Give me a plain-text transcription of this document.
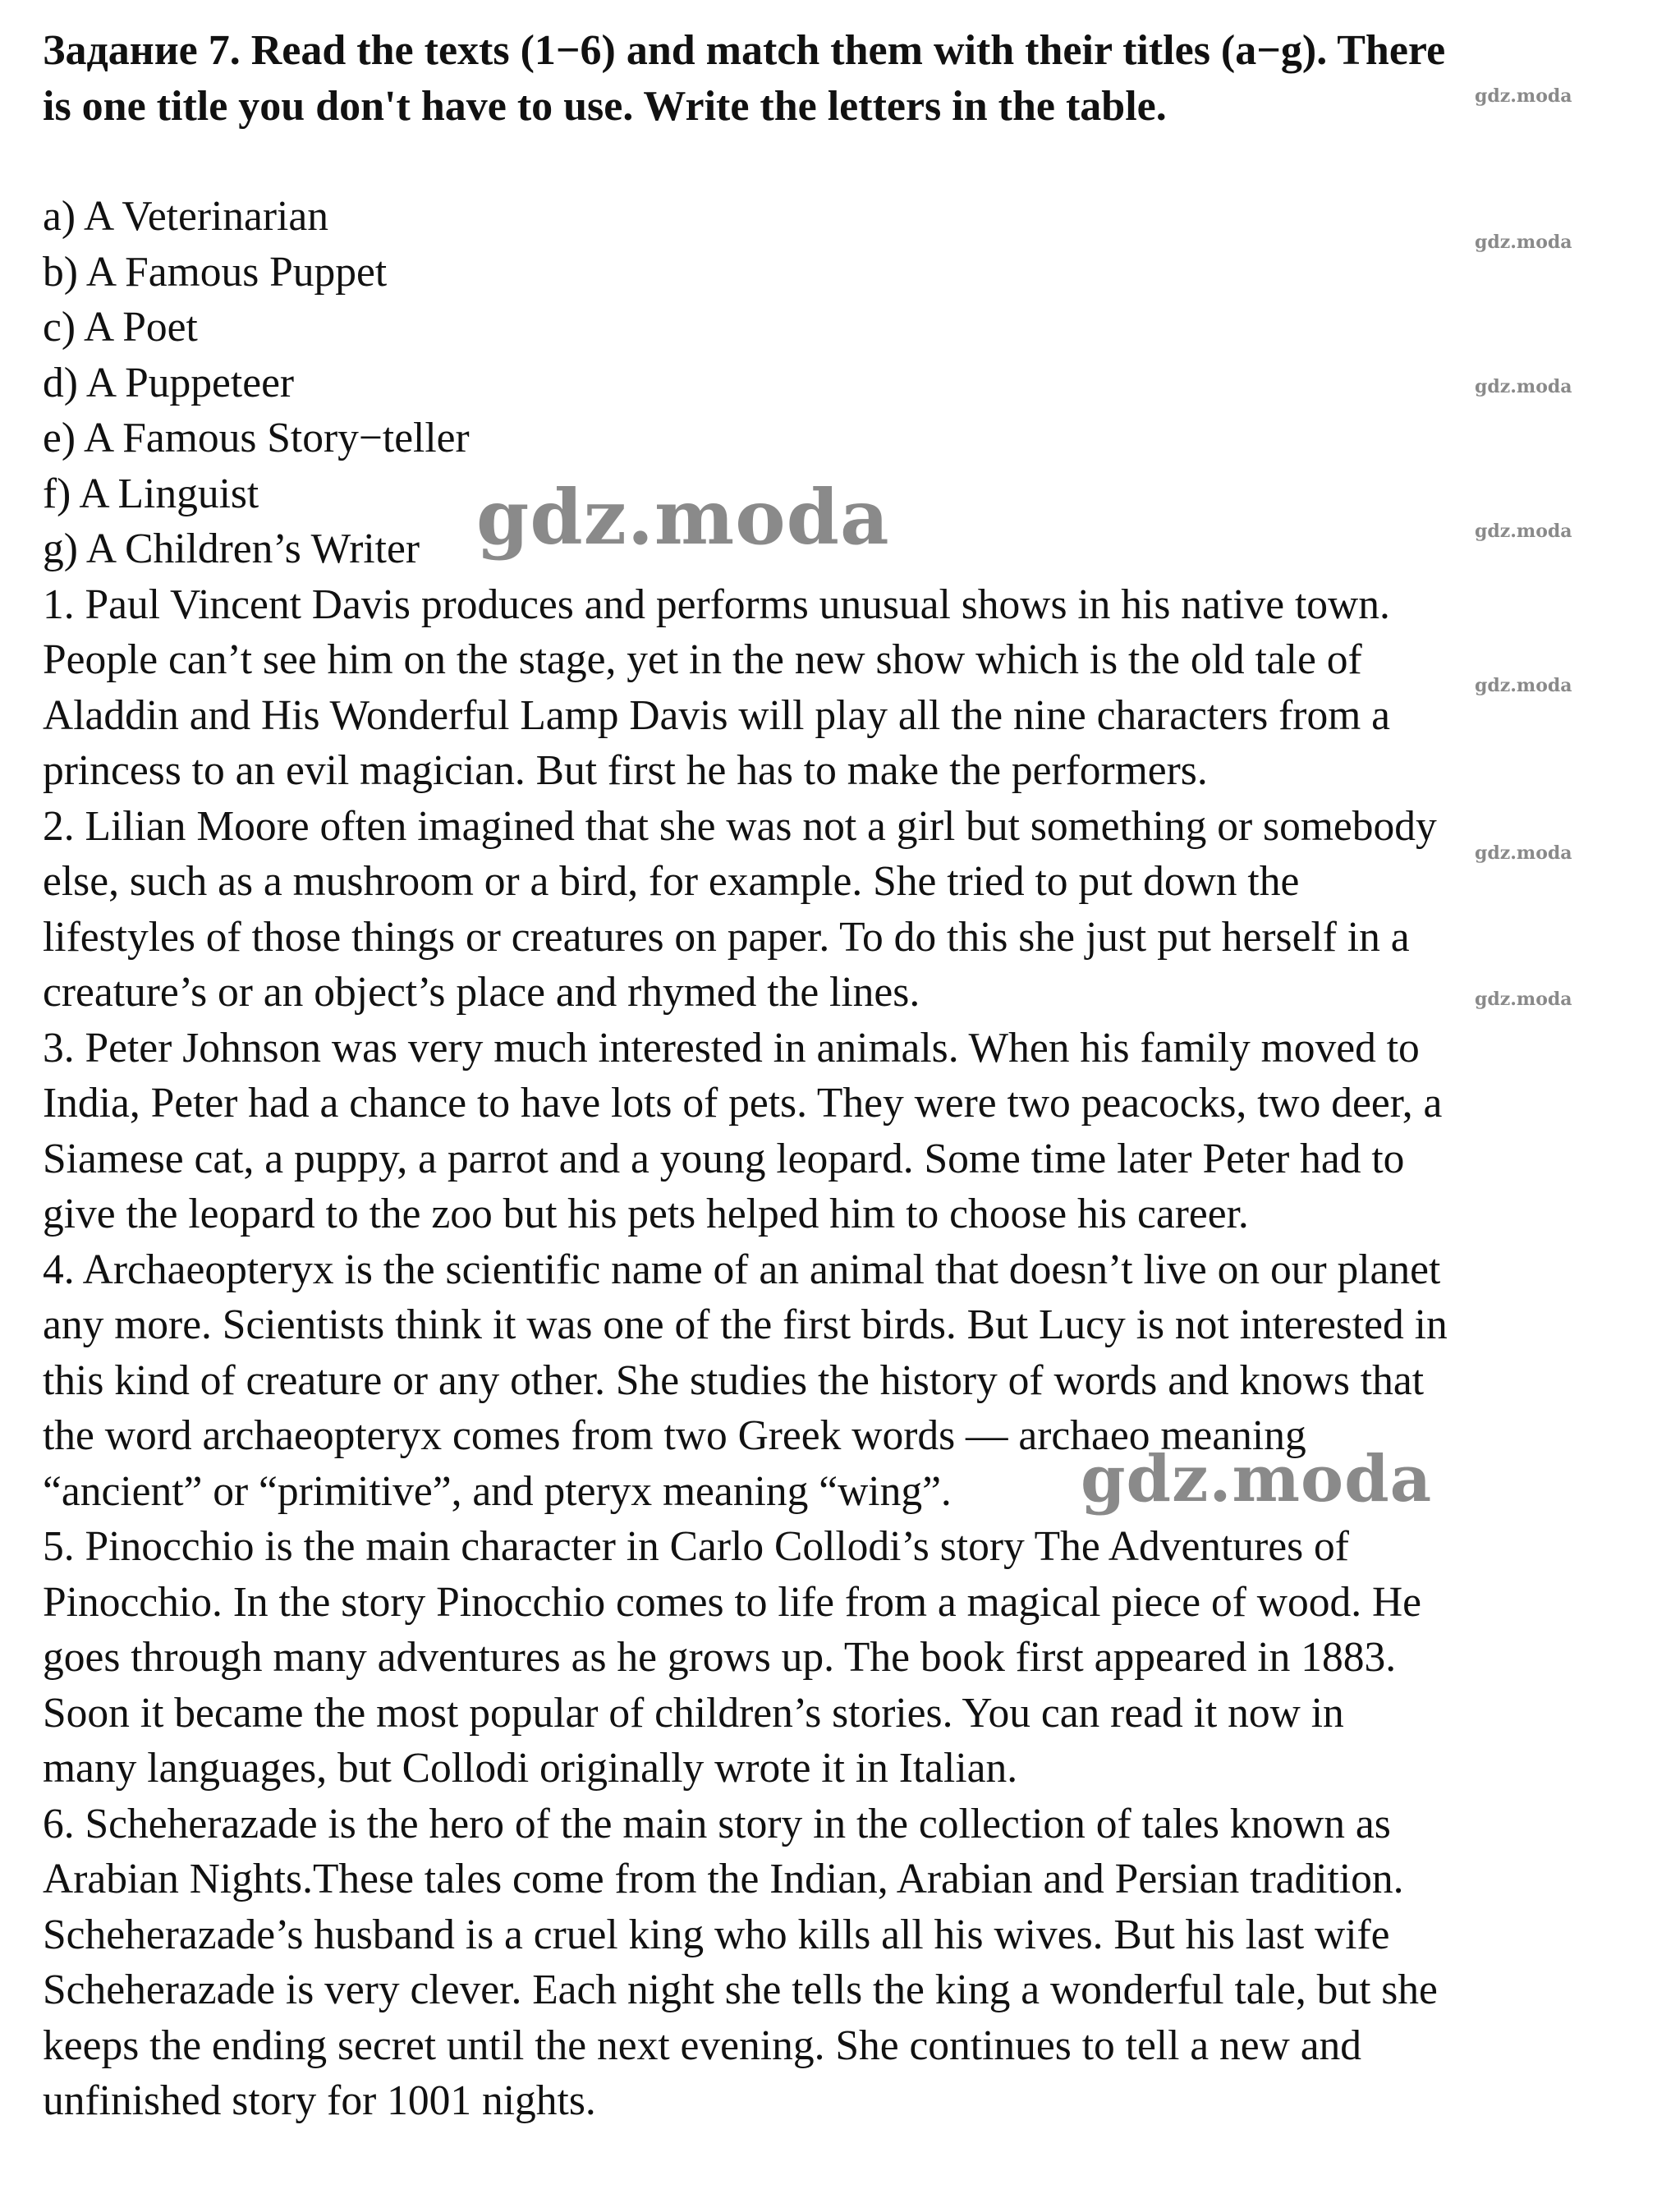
Задание 7. Read the texts (1−6) and match them with their titles (a−g). There
is one title you don't have to use. Write the letters in the table.
a) A Veterinarian
b) A Famous Puppet
c) A Poet
d) A Puppeteer
e) A Famous Story−teller
f) A Linguist
g) A Children’s Writer
1. Paul Vincent Davis produces and performs unusual shows in his native town.
People can’t see him on the stage, yet in the new show which is the old tale of
Aladdin and His Wonderful Lamp Davis will play all the nine characters from a
princess to an evil magician. But first he has to make the performers.
2. Lilian Moore often imagined that she was not a girl but something or somebody
else, such as a mushroom or a bird, for example. She tried to put down the
lifestyles of those things or creatures on paper. To do this she just put herself in a
creature’s or an object’s place and rhymed the lines.
3. Peter Johnson was very much interested in animals. When his family moved to
India, Peter had a chance to have lots of pets. They were two peacocks, two deer, a
Siamese cat, a puppy, a parrot and a young leopard. Some time later Peter had to
give the leopard to the zoo but his pets helped him to choose his career.
4. Archaeopteryx is the scientific name of an animal that doesn’t live on our planet
any more. Scientists think it was one of the first birds. But Lucy is not interested in
this kind of creature or any other. She studies the history of words and knows that
the word archaeopteryx comes from two Greek words — archaeo meaning
“ancient” or “primitive”, and pteryx meaning “wing”.
5. Pinocchio is the main character in Carlo Collodi’s story The Adventures of
Pinocchio. In the story Pinocchio comes to life from a magical piece of wood. He
goes through many adventures as he grows up. The book first appeared in 1883.
Soon it became the most popular of children’s stories. You can read it now in
many languages, but Collodi originally wrote it in Italian.
6. Scheherazade is the hero of the main story in the collection of tales known as
Arabian Nights.These tales come from the Indian, Arabian and Persian tradition.
Scheherazade’s husband is a cruel king who kills all his wives. But his last wife
Scheherazade is very clever. Each night she tells the king a wonderful tale, but she
keeps the ending secret until the next evening. She continues to tell a new and
unfinished story for 1001 nights.
gdz.moda
gdz.moda
gdz.moda
gdz.moda
gdz.moda
gdz.moda
gdz.moda
gdz.moda
gdz.moda
